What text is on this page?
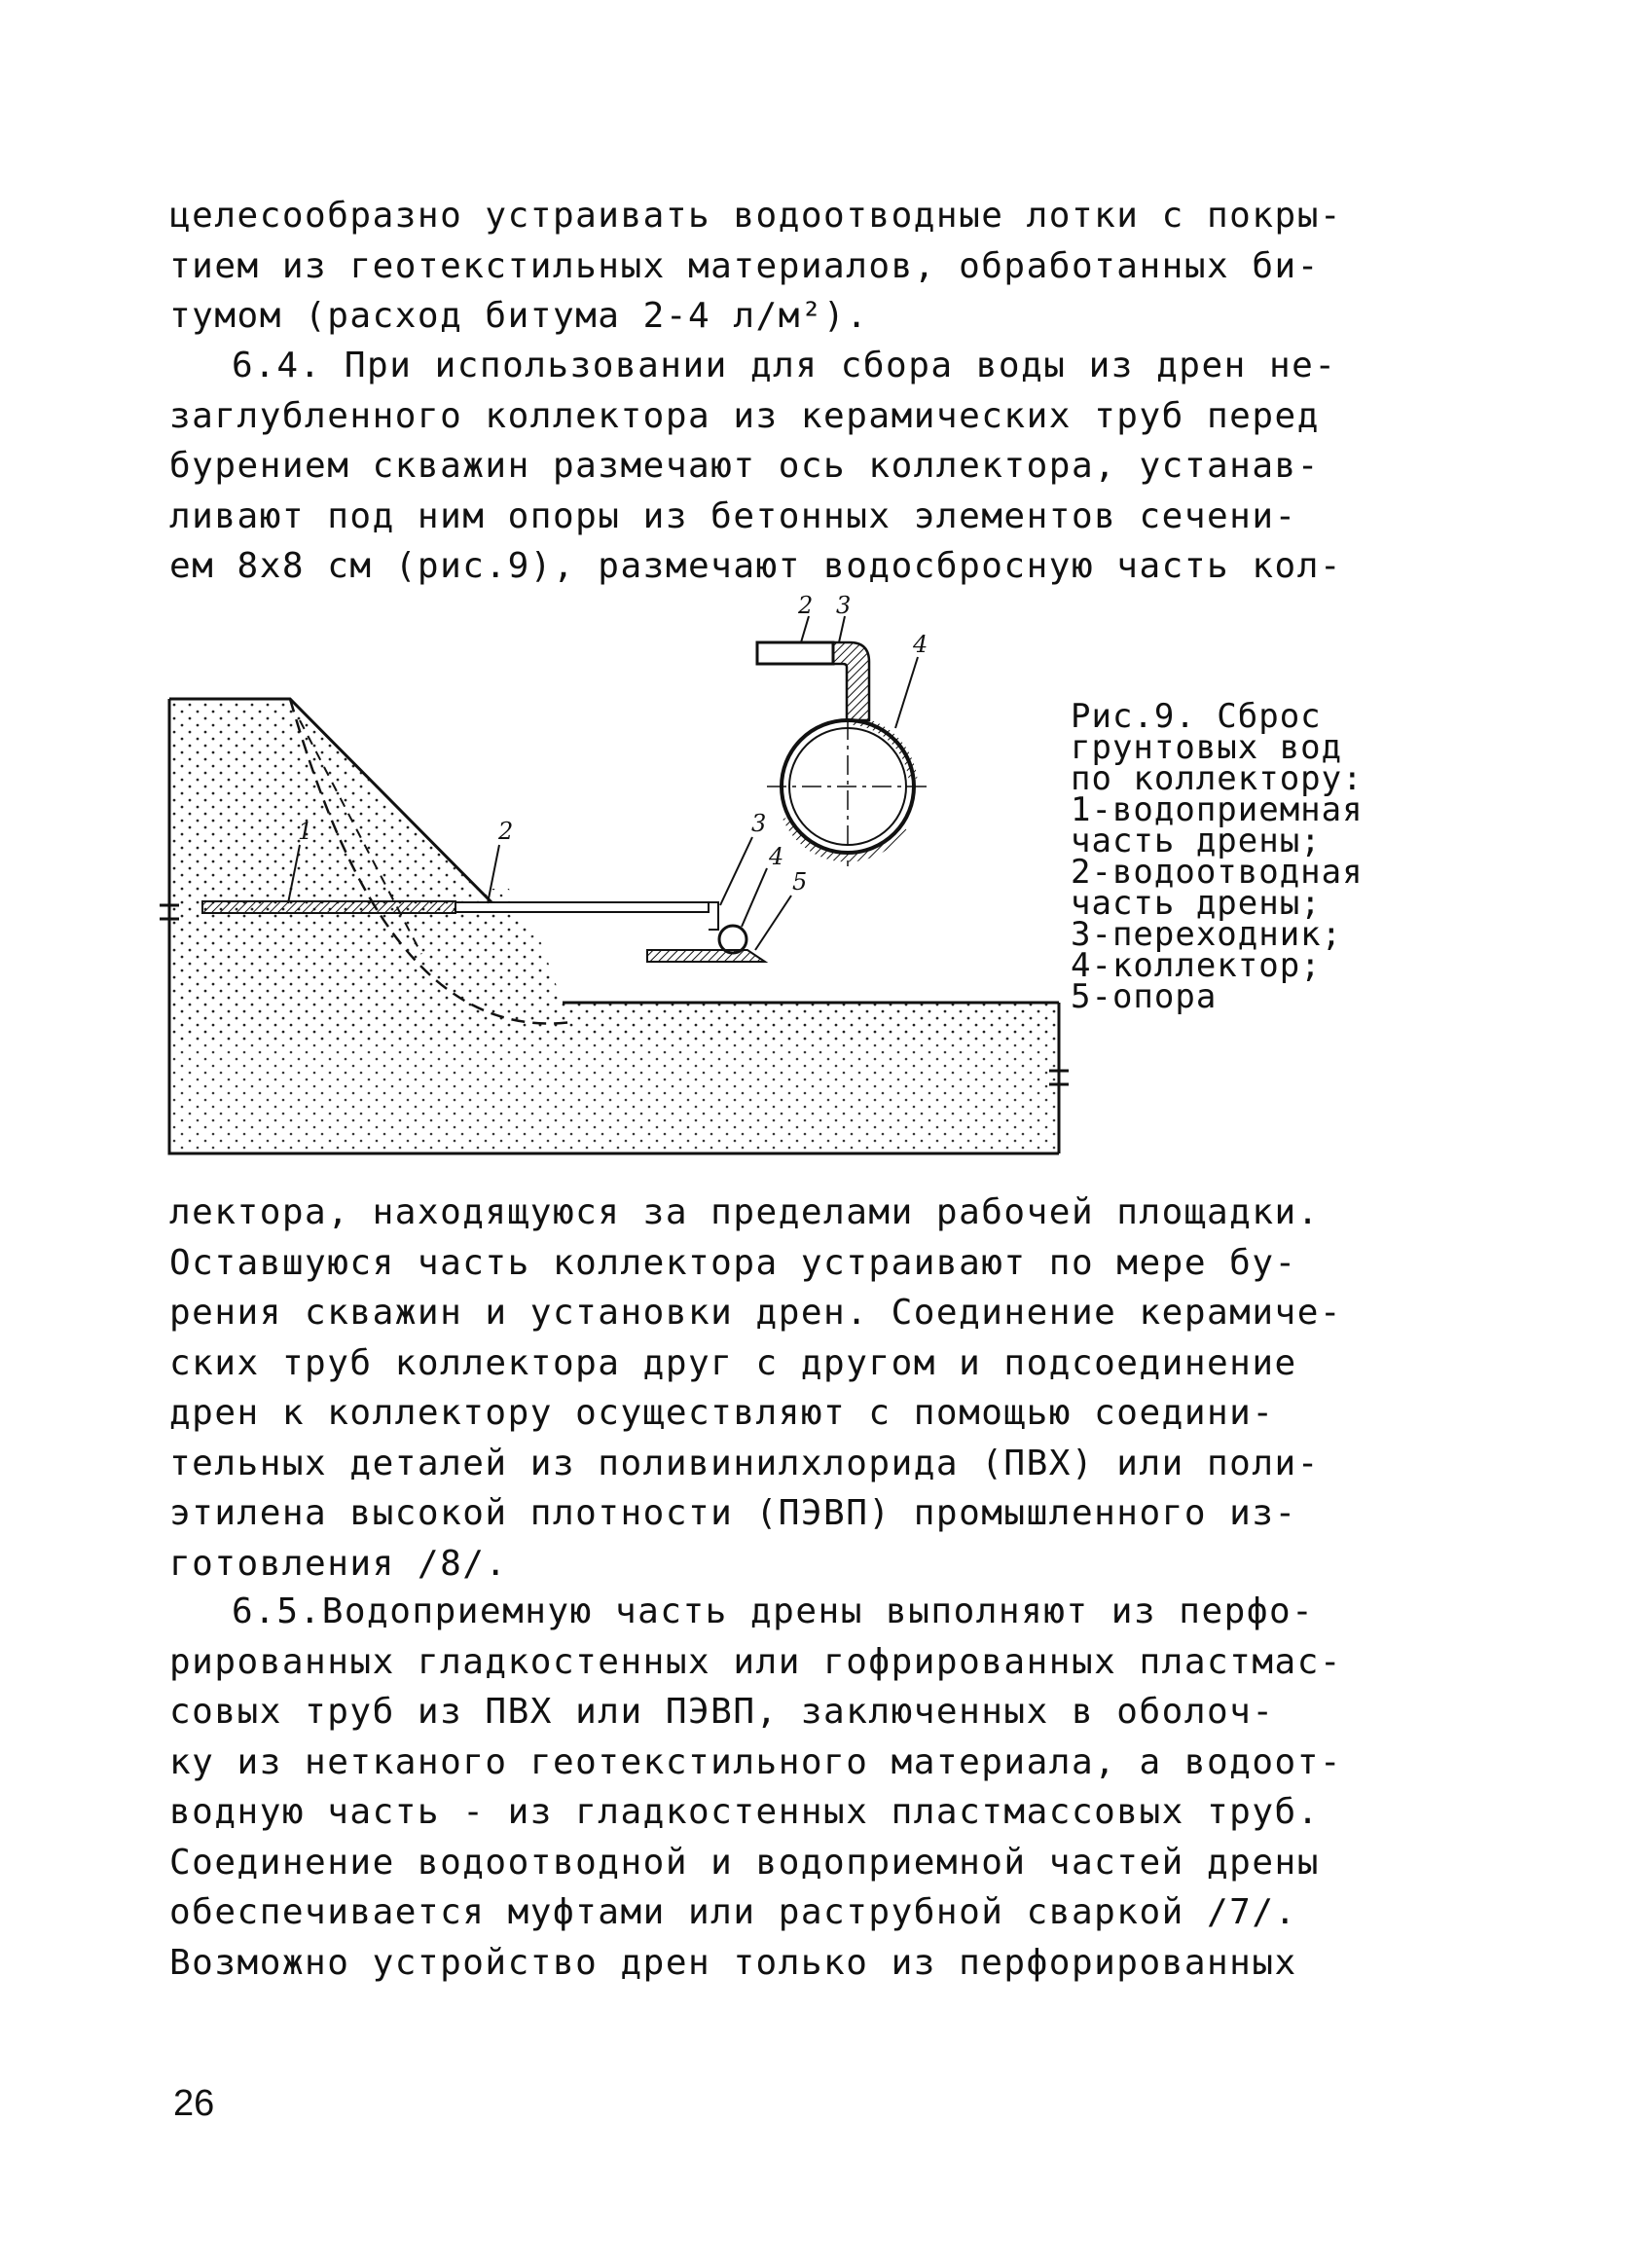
целесообразно устраивать водоотводные лотки с покры-
тием из геотекстильных материалов, обработанных би-
тумом (расход битума 2-4 л/м²).
6.4. При использовании для сбора воды из дрен не-
заглубленного коллектора из керамических труб перед
бурением скважин размечают ось коллектора, устанав-
ливают под ним опоры из бетонных элементов сечени-
ем 8х8 см (рис.9), размечают водосбросную часть кол-
2 3
4
1	2	3
4
5
Рис.9. Сброс
грунтовых вод
по коллектору:
1-водоприемная
часть дрены;
2-водоотводная
часть дрены;
3-переходник;
4-коллектор;
5-опора
лектора, находящуюся за пределами рабочей площадки.
Оставшуюся часть коллектора устраивают по мере бу-
рения скважин и установки дрен. Соединение керамиче-
ских труб коллектора друг с другом и подсоединение
дрен к коллектору осуществляют с помощью соедини-
тельных деталей из поливинилхлорида (ПВХ) или поли-
этилена высокой плотности (ПЭВП) промышленного из-
готовления /8/.
6.5.Водоприемную часть дрены выполняют из перфо-
рированных гладкостенных или гофрированных пластмас-
совых труб из ПВХ или ПЭВП, заключенных в оболоч-
ку из нетканого геотекстильного материала, а водоот-
водную часть - из гладкостенных пластмассовых труб.
Соединение водоотводной и водоприемной частей дрены
обеспечивается муфтами или раструбной сваркой /7/.
Возможно устройство дрен только из перфорированных
26
